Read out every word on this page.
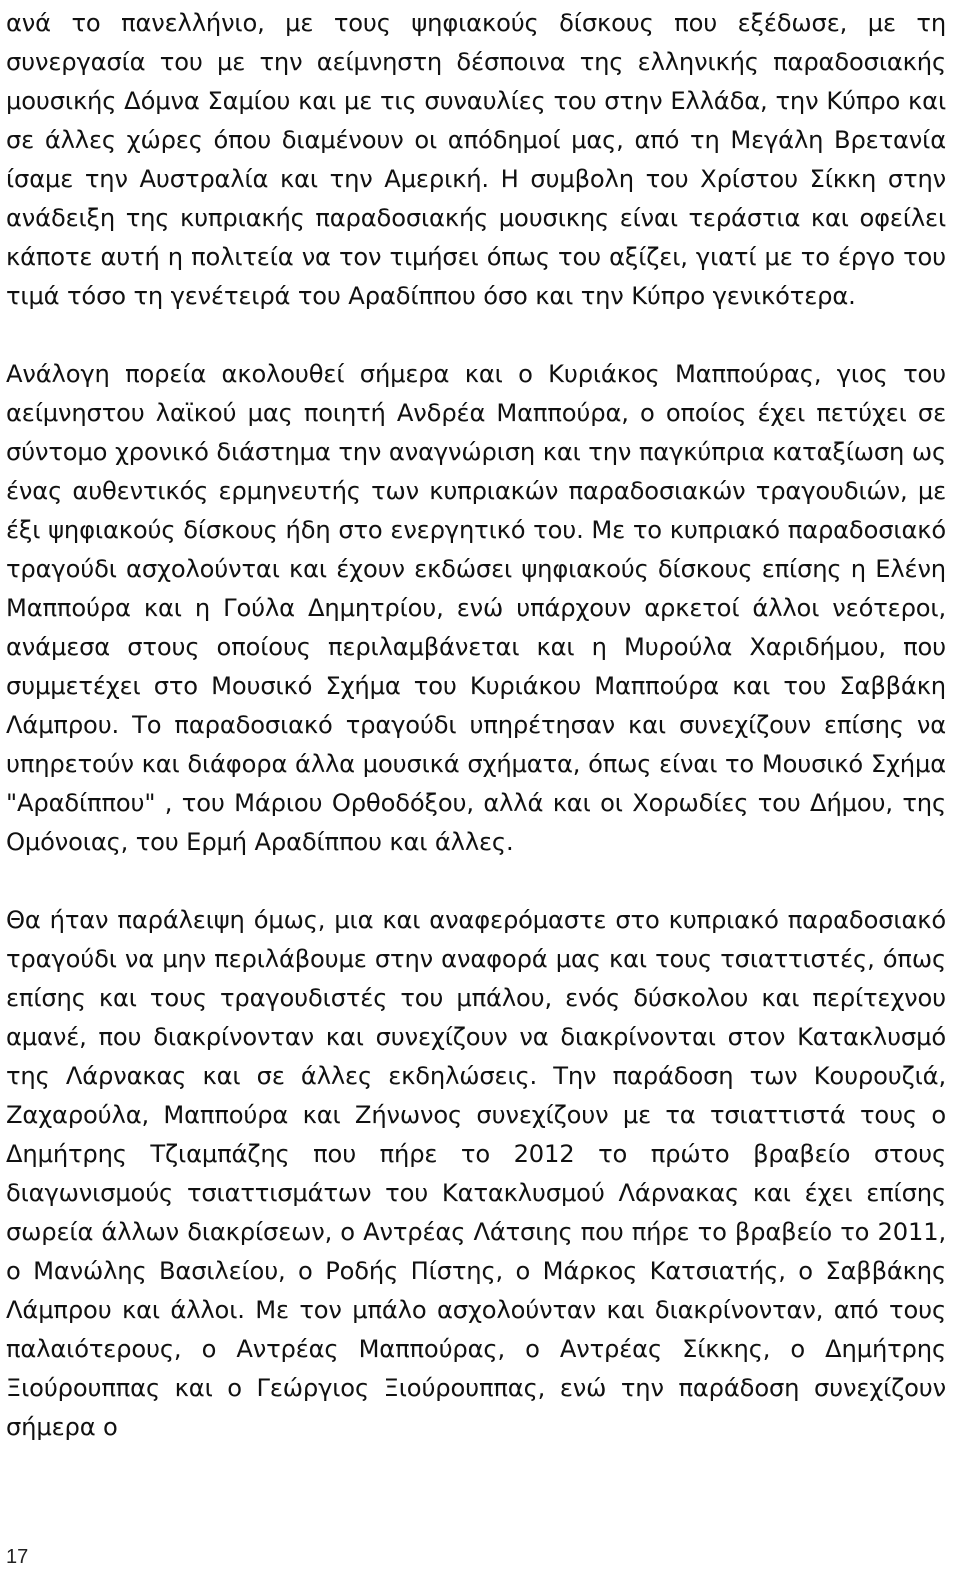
ανά το πανελλήνιο, με τους ψηφιακούς δίσκους που εξέδωσε, με τη συνεργασία του με την αείμνηστη δέσποινα της ελληνικής παραδοσιακής μουσικής Δόμνα Σαμίου και με τις συναυλίες του στην Ελλάδα, την Κύπρο και σε άλλες χώρες όπου διαμένουν οι απόδημοί μας, από τη Μεγάλη Βρετανία ίσαμε την Αυστραλία και την Αμερική. Η συμβολη του Χρίστου Σίκκη στην ανάδειξη της κυπριακής παραδοσιακής μουσικης είναι τεράστια και οφείλει κάποτε αυτή η πολιτεία να τον τιμήσει όπως του αξίζει, γιατί με το έργο του τιμά τόσο τη γενέτειρά του Αραδίππου όσο και την Κύπρο γενικότερα.

Ανάλογη πορεία ακολουθεί σήμερα και ο Κυριάκος Μαππούρας, γιος του αείμνηστου λαϊκού μας ποιητή Ανδρέα Μαππούρα, ο οποίος έχει πετύχει σε σύντομο χρονικό διάστημα την αναγνώριση και την παγκύπρια καταξίωση ως ένας αυθεντικός ερμηνευτής των κυπριακών παραδοσιακών τραγουδιών, με έξι ψηφιακούς δίσκους ήδη στο ενεργητικό του. Με το κυπριακό παραδοσιακό τραγούδι ασχολούνται και έχουν εκδώσει ψηφιακούς δίσκους επίσης η Ελένη Μαππούρα και η Γούλα Δημητρίου, ενώ υπάρχουν αρκετοί άλλοι νεότεροι, ανάμεσα στους οποίους περιλαμβάνεται και η Μυρούλα Χαριδήμου, που συμμετέχει στο Μουσικό Σχήμα του Κυριάκου Μαππούρα και του Σαββάκη Λάμπρου. Το παραδοσιακό τραγούδι υπηρέτησαν και συνεχίζουν επίσης να υπηρετούν και διάφορα άλλα μουσικά σχήματα, όπως είναι το Μουσικό Σχήμα "Αραδίππου" , του Μάριου Ορθοδόξου, αλλά και οι Χορωδίες του Δήμου, της Ομόνοιας, του Ερμή Αραδίππου και άλλες.

Θα ήταν παράλειψη όμως, μια και αναφερόμαστε στο κυπριακό παραδοσιακό τραγούδι να μην περιλάβουμε στην αναφορά μας και τους τσιαττιστές, όπως επίσης και τους τραγουδιστές του μπάλου, ενός δύσκολου και περίτεχνου αμανέ, που διακρίνονταν και συνεχίζουν να διακρίνονται στον Κατακλυσμό της Λάρνακας και σε άλλες εκδηλώσεις. Την παράδοση των Κουρουζιά, Ζαχαρούλα, Μαππούρα και Ζήνωνος συνεχίζουν με τα τσιαττιστά τους ο Δημήτρης Τζιαμπάζης που πήρε το 2012 το πρώτο βραβείο στους διαγωνισμούς τσιαττισμάτων του Κατακλυσμού Λάρνακας και έχει επίσης σωρεία άλλων διακρίσεων, ο Αντρέας Λάτσιης που πήρε το βραβείο το 2011, ο Μανώλης Βασιλείου, ο Ροδής Πίστης, ο Μάρκος Κατσιατής, ο Σαββάκης Λάμπρου και άλλοι. Με τον μπάλο ασχολούνταν και διακρίνονταν, από τους παλαιότερους, ο Αντρέας Μαππούρας, ο Αντρέας Σίκκης, ο Δημήτρης Ξιούρουππας και ο Γεώργιος Ξιούρουππας, ενώ την παράδοση συνεχίζουν σήμερα ο

17
